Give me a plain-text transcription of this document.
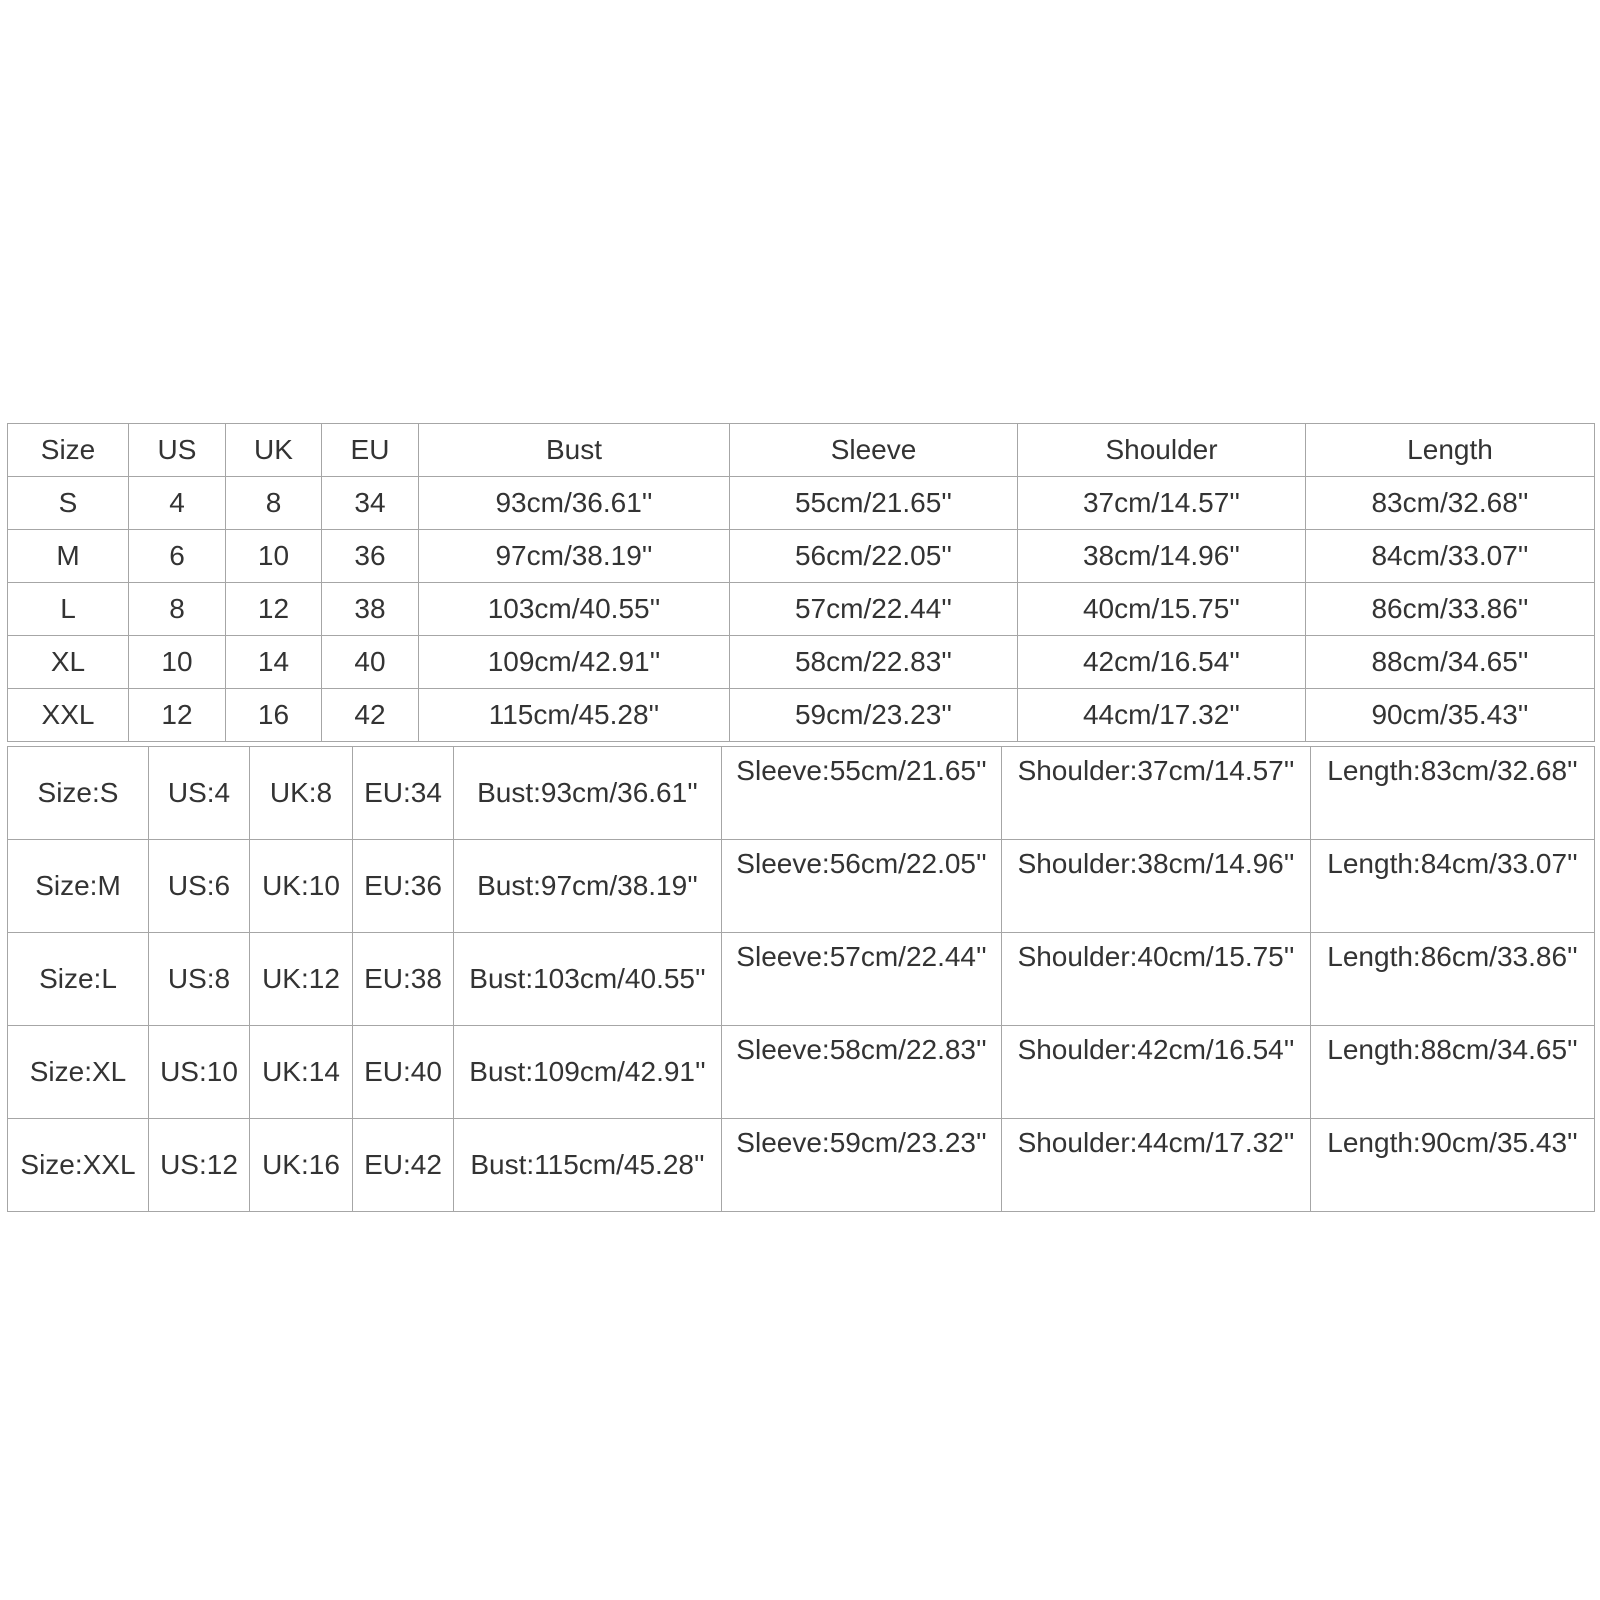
Size	US	UK	EU	Bust	Sleeve	Shoulder	Length
S	4	8	34	93cm/36.61''	55cm/21.65''	37cm/14.57''	83cm/32.68''
M	6	10	36	97cm/38.19''	56cm/22.05''	38cm/14.96''	84cm/33.07''
L	8	12	38	103cm/40.55''	57cm/22.44''	40cm/15.75''	86cm/33.86''
XL	10	14	40	109cm/42.91''	58cm/22.83''	42cm/16.54''	88cm/34.65''
XXL	12	16	42	115cm/45.28''	59cm/23.23''	44cm/17.32''	90cm/35.43''
Size:S	US:4	UK:8	EU:34	Bust:93cm/36.61''	Sleeve:55cm/21.65''	Shoulder:37cm/14.57''	Length:83cm/32.68''
Size:M	US:6	UK:10	EU:36	Bust:97cm/38.19''	Sleeve:56cm/22.05''	Shoulder:38cm/14.96''	Length:84cm/33.07''
Size:L	US:8	UK:12	EU:38	Bust:103cm/40.55''	Sleeve:57cm/22.44''	Shoulder:40cm/15.75''	Length:86cm/33.86''
Size:XL	US:10	UK:14	EU:40	Bust:109cm/42.91''	Sleeve:58cm/22.83''	Shoulder:42cm/16.54''	Length:88cm/34.65''
Size:XXL	US:12	UK:16	EU:42	Bust:115cm/45.28''	Sleeve:59cm/23.23''	Shoulder:44cm/17.32''	Length:90cm/35.43''
